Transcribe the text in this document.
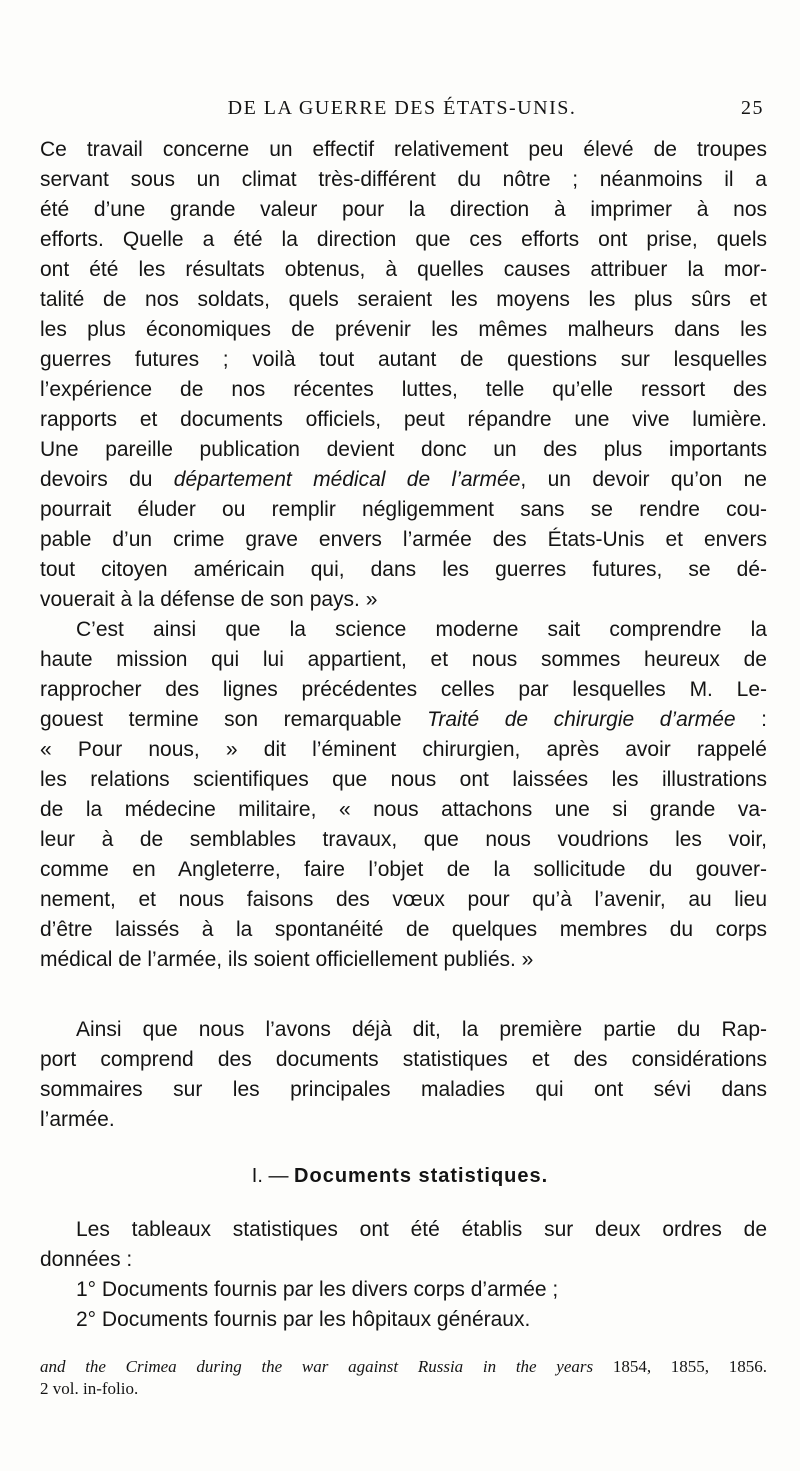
DE LA GUERRE DES ÉTATS-UNIS.	25
Ce travail concerne un effectif relativement peu élevé de troupes
servant sous un climat très-différent du nôtre ; néanmoins il a
été d’une grande valeur pour la direction à imprimer à nos
efforts. Quelle a été la direction que ces efforts ont prise, quels
ont été les résultats obtenus, à quelles causes attribuer la mor-
talité de nos soldats, quels seraient les moyens les plus sûrs et
les plus économiques de prévenir les mêmes malheurs dans les
guerres futures ; voilà tout autant de questions sur lesquelles
l’expérience de nos récentes luttes, telle qu’elle ressort des
rapports et documents officiels, peut répandre une vive lumière.
Une pareille publication devient donc un des plus importants
devoirs du département médical de l’armée, un devoir qu’on ne
pourrait éluder ou remplir négligemment sans se rendre cou-
pable d’un crime grave envers l’armée des États-Unis et envers
tout citoyen américain qui, dans les guerres futures, se dé-
vouerait à la défense de son pays. »
C’est ainsi que la science moderne sait comprendre la
haute mission qui lui appartient, et nous sommes heureux de
rapprocher des lignes précédentes celles par lesquelles M. Le-
gouest termine son remarquable Traité de chirurgie d’armée :
« Pour nous, » dit l’éminent chirurgien, après avoir rappelé
les relations scientifiques que nous ont laissées les illustrations
de la médecine militaire, « nous attachons une si grande va-
leur à de semblables travaux, que nous voudrions les voir,
comme en Angleterre, faire l’objet de la sollicitude du gouver-
nement, et nous faisons des vœux pour qu’à l’avenir, au lieu
d’être laissés à la spontanéité de quelques membres du corps
médical de l’armée, ils soient officiellement publiés. »
Ainsi que nous l’avons déjà dit, la première partie du Rap-
port comprend des documents statistiques et des considérations
sommaires sur les principales maladies qui ont sévi dans
l’armée.
I. — Documents statistiques.
Les tableaux statistiques ont été établis sur deux ordres de
données :
1° Documents fournis par les divers corps d’armée ;
2° Documents fournis par les hôpitaux généraux.
and the Crimea during the war against Russia in the years 1854, 1855, 1856.
2 vol. in-folio.
